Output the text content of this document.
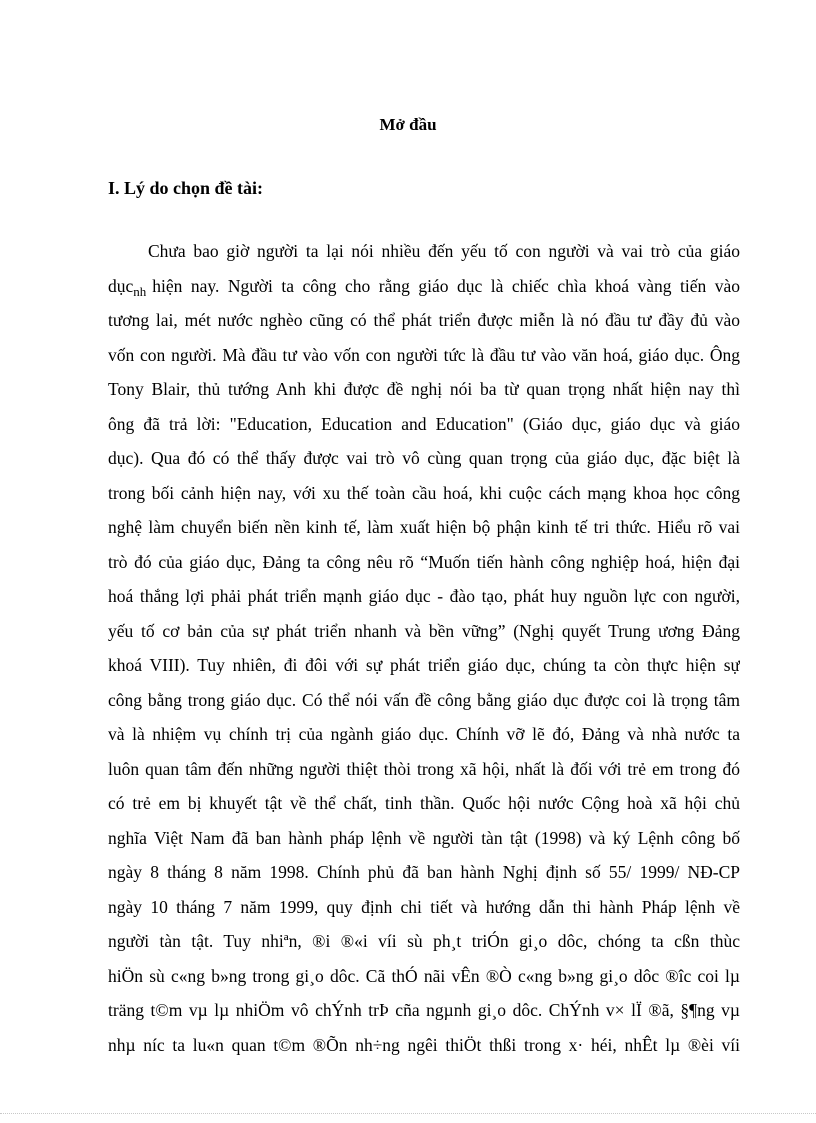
Mở đầu
I. Lý do chọn đề tài:
Chưa bao giờ người ta lại nói nhiều đến yếu tố con người và vai trò của giáo
dục$_{nh}$ hiện nay. Người ta công cho rằng giáo dục là chiếc chìa khoá vàng tiến vào
tương lai, mét nước nghèo cũng có thể phát triển được miễn là nó đầu tư đầy đủ vào
vốn con người. Mà đầu tư vào vốn con người tức là đầu tư vào văn hoá, giáo dục. Ông
Tony Blair, thủ tướng Anh khi được đề nghị nói ba từ quan trọng nhất hiện nay thì
ông đã trả lời: "Education, Education and Education" (Giáo dục, giáo dục và giáo
dục). Qua đó có thể thấy được vai trò vô cùng quan trọng của giáo dục, đặc biệt là
trong bối cảnh hiện nay, với xu thế toàn cầu hoá, khi cuộc cách mạng khoa học công
nghệ làm chuyển biến nền kinh tế, làm xuất hiện bộ phận kinh tế tri thức. Hiểu rõ vai
trò đó của giáo dục, Đảng ta công nêu rõ “Muốn tiến hành công nghiệp hoá, hiện đại
hoá thắng lợi phải phát triển mạnh giáo dục - đào tạo, phát huy nguồn lực con người,
yếu tố cơ bản của sự phát triển nhanh và bền vững” (Nghị quyết Trung ương Đảng
khoá VIII). Tuy nhiên, đi đôi với sự phát triển giáo dục, chúng ta còn thực hiện sự
công bằng trong giáo dục. Có thể nói vấn đề công bằng giáo dục được coi là trọng tâm
và là nhiệm vụ chính trị của ngành giáo dục. Chính vỡ lẽ đó, Đảng và nhà nước ta
luôn quan tâm đến những người thiệt thòi trong xã hội, nhất là đối với trẻ em trong đó
có trẻ em bị khuyết tật về thể chất, tinh thần. Quốc hội nước Cộng hoà xã hội chủ
nghĩa Việt Nam đã ban hành pháp lệnh về người tàn tật (1998) và ký Lệnh công bố
ngày 8 tháng 8 năm 1998. Chính phủ đã ban hành Nghị định số 55/ 1999/ NĐ-CP
ngày 10 tháng 7 năm 1999, quy định chi tiết và hướng dẫn thi hành Pháp lệnh về
người tàn tật. Tuy nhiªn, ®i ®«i víi sù ph¸t triÓn gi¸o dôc, chóng ta cßn thùc
hiÖn sù c«ng b»ng trong gi¸o dôc. Cã thÓ nãi vÊn ®Ò c«ng b»ng gi¸o dôc ®îc coi lµ
träng t©m vµ lµ nhiÖm vô chÝnh trÞ cña ngµnh gi¸o dôc. ChÝnh v× lÏ ®ã, §¶ng vµ
nhµ níc ta lu«n quan t©m ®Õn nh÷ng ngêi thiÖt thßi trong x· héi, nhÊt lµ ®èi víi
